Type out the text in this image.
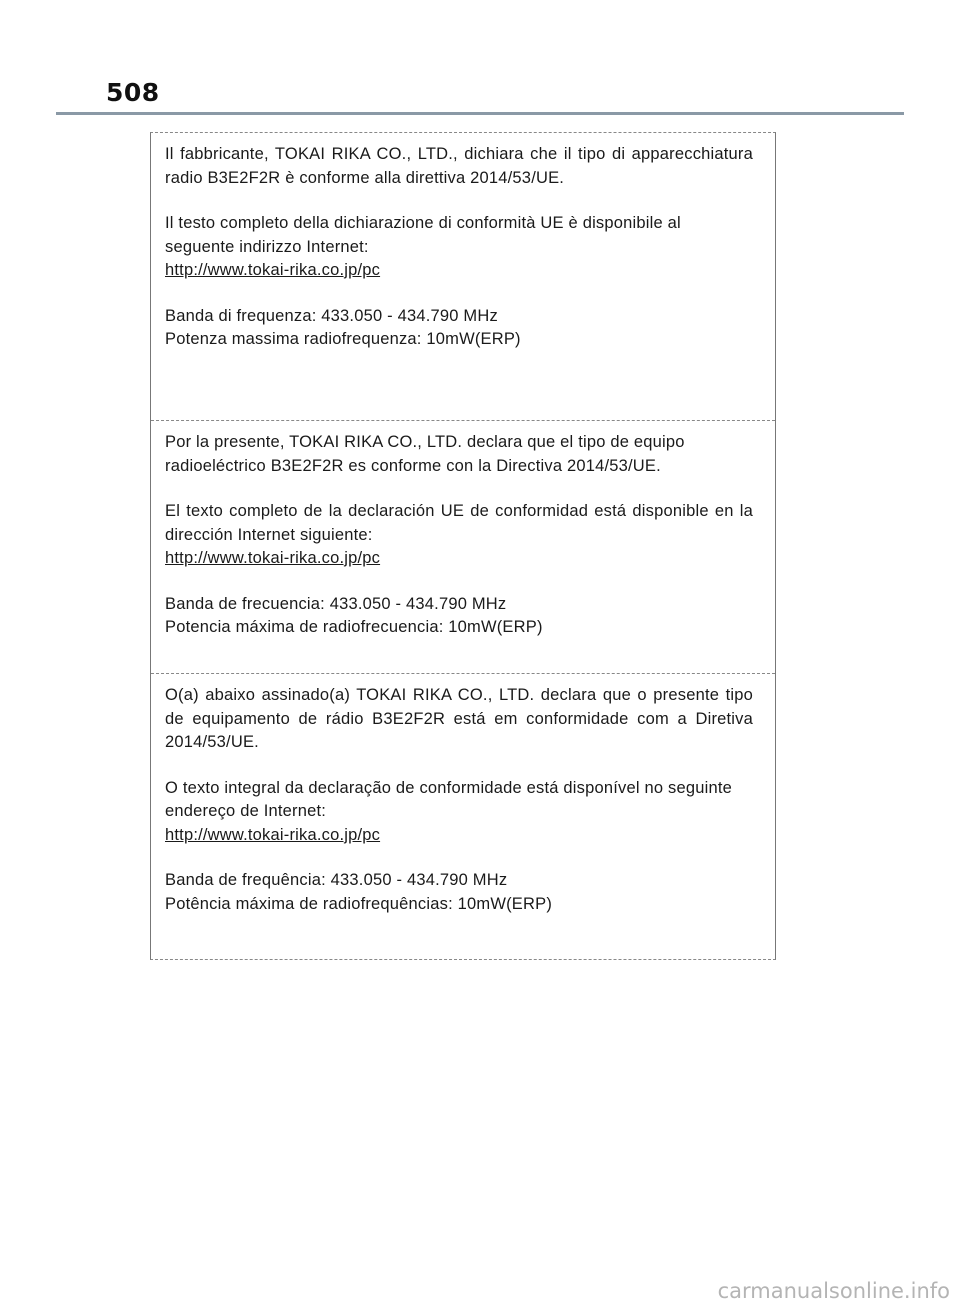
508

Il fabbricante, TOKAI RIKA CO., LTD., dichiara che il tipo di apparecchiatura radio B3E2F2R è conforme alla direttiva 2014/53/UE.

Il testo completo della dichiarazione di conformità UE è disponibile al seguente indirizzo Internet:

http://www.tokai-rika.co.jp/pc

Banda di frequenza: 433.050 - 434.790 MHz

Potenza massima radiofrequenza: 10mW(ERP)

Por la presente, TOKAI RIKA CO., LTD. declara que el tipo de equipo radioeléctrico B3E2F2R es conforme con la Directiva 2014/53/UE.

El texto completo de la declaración UE de conformidad está disponible en la dirección Internet siguiente:

http://www.tokai-rika.co.jp/pc

Banda de frecuencia: 433.050 - 434.790 MHz

Potencia máxima de radiofrecuencia: 10mW(ERP)

O(a) abaixo assinado(a) TOKAI RIKA CO., LTD. declara que o presente tipo de equipamento de rádio B3E2F2R está em conformidade com a Diretiva 2014/53/UE.

O texto integral da declaração de conformidade está disponível no seguinte endereço de Internet:

http://www.tokai-rika.co.jp/pc

Banda de frequência: 433.050 - 434.790 MHz

Potência máxima de radiofrequências: 10mW(ERP)

carmanualsonline.info
